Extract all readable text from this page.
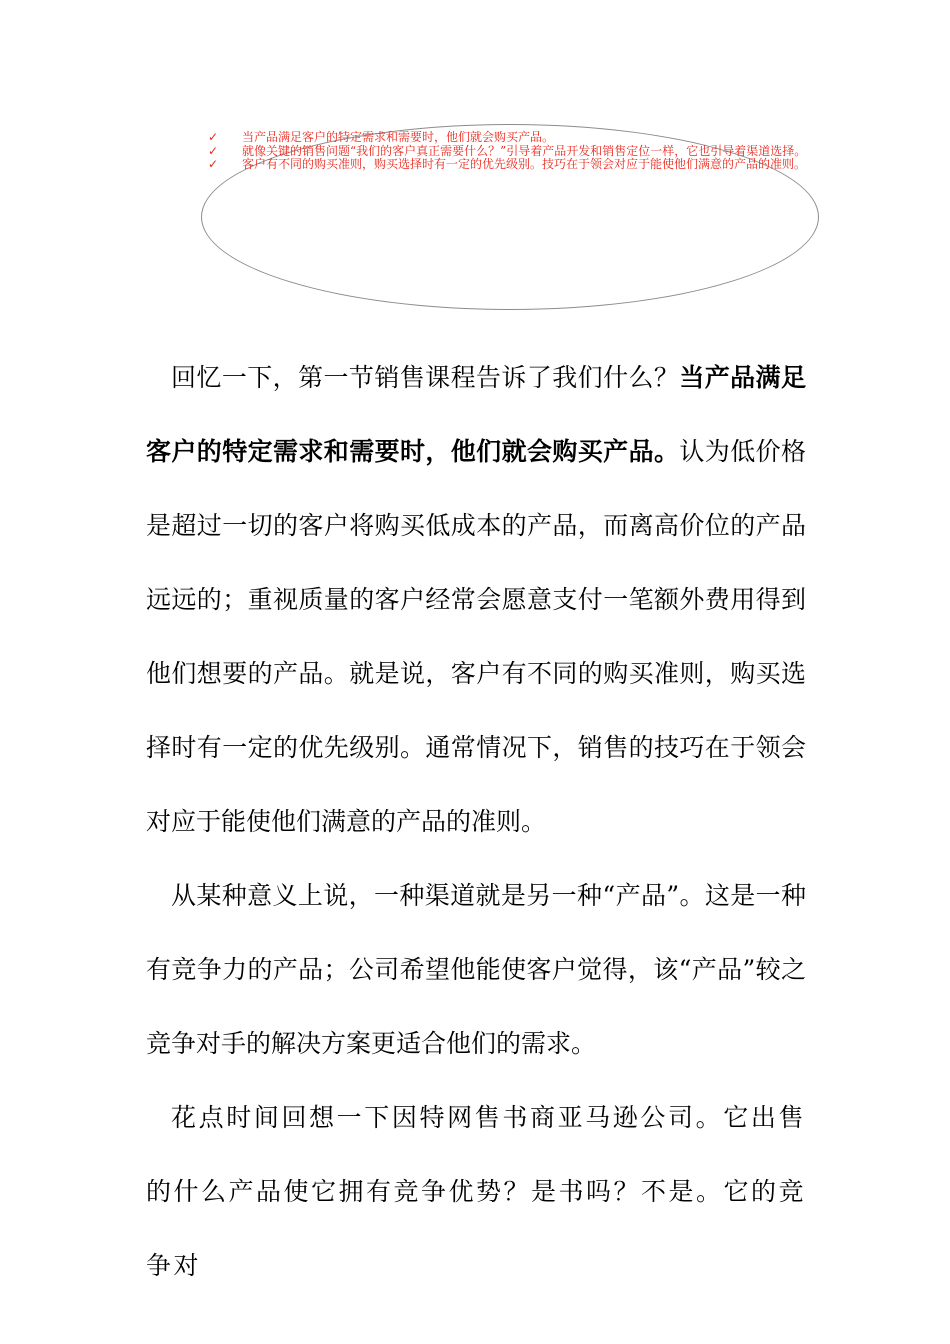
✓	当产品满足客户的特定需求和需要时，他们就会购买产品。
✓	就像关键的销售问题“我们的客户真正需要什么？”引导着产品开发和销售定位一样，它也引导着渠道选择。
✓	客户有不同的购买准则，购买选择时有一定的优先级别。技巧在于领会对应于能使他们满意的产品的准则。

回忆一下，第一节销售课程告诉了我们什么？当产品满足客户的特定需求和需要时，他们就会购买产品。认为低价格是超过一切的客户将购买低成本的产品，而离高价位的产品远远的；重视质量的客户经常会愿意支付一笔额外费用得到他们想要的产品。就是说，客户有不同的购买准则，购买选择时有一定的优先级别。通常情况下，销售的技巧在于领会对应于能使他们满意的产品的准则。

从某种意义上说，一种渠道就是另一种“产品”。这是一种有竞争力的产品；公司希望他能使客户觉得，该“产品”较之竞争对手的解决方案更适合他们的需求。

花点时间回想一下因特网售书商亚马逊公司。它出售的什么产品使它拥有竞争优势？是书吗？不是。它的竞争对
